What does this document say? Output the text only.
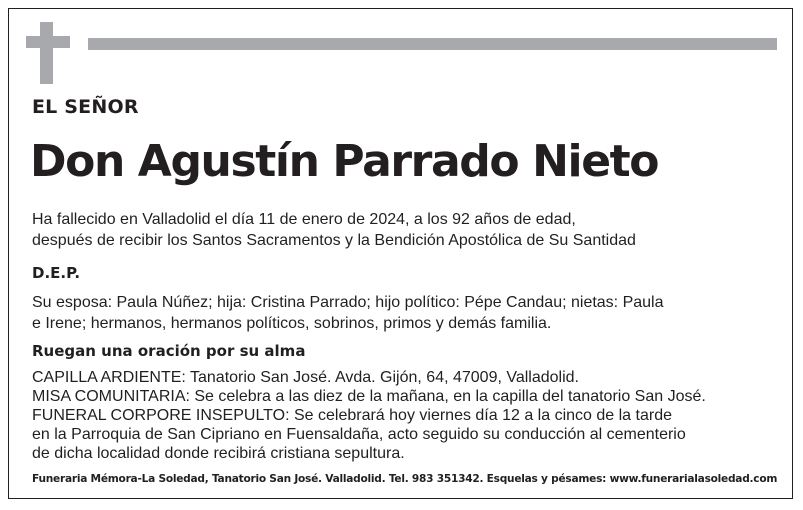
EL SEÑOR
Don Agustín Parrado Nieto
Ha fallecido en Valladolid el día 11 de enero de 2024, a los 92 años de edad,
después de recibir los Santos Sacramentos y la Bendición Apostólica de Su Santidad
D.E.P.
Su esposa: Paula Núñez; hija: Cristina Parrado; hijo político: Pépe Candau; nietas: Paula
e Irene; hermanos, hermanos políticos, sobrinos, primos y demás familia.
Ruegan una oración por su alma
CAPILLA ARDIENTE: Tanatorio San José. Avda. Gijón, 64, 47009, Valladolid.
MISA COMUNITARIA: Se celebra a las diez de la mañana, en la capilla del tanatorio San José.
FUNERAL CORPORE INSEPULTO: Se celebrará hoy viernes día 12 a la cinco de la tarde
en la Parroquia de San Cipriano en Fuensaldaña, acto seguido su conducción al cementerio
de dicha localidad donde recibirá cristiana sepultura.
Funeraria Mémora-La Soledad, Tanatorio San José. Valladolid. Tel. 983 351342. Esquelas y pésames: www.funerarialasoledad.com
